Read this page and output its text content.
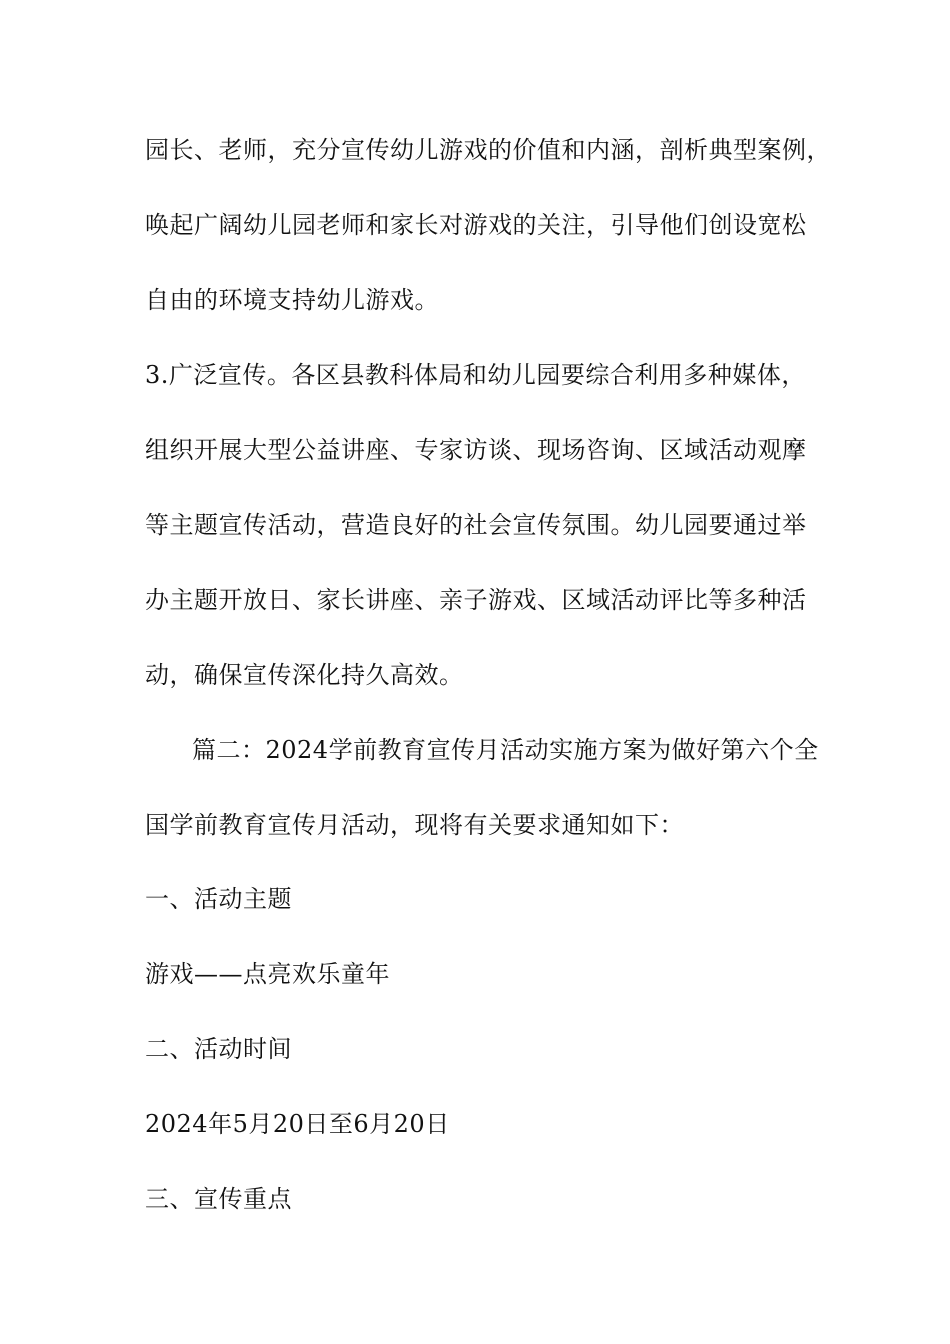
园长、老师，充分宣传幼儿游戏的价值和内涵，剖析典型案例，
唤起广阔幼儿园老师和家长对游戏的关注，引导他们创设宽松
自由的环境支持幼儿游戏。
3.广泛宣传。各区县教科体局和幼儿园要综合利用多种媒体，
组织开展大型公益讲座、专家访谈、现场咨询、区域活动观摩
等主题宣传活动，营造良好的社会宣传氛围。幼儿园要通过举
办主题开放日、家长讲座、亲子游戏、区域活动评比等多种活
动，确保宣传深化持久高效。
篇二：2024学前教育宣传月活动实施方案为做好第六个全
国学前教育宣传月活动，现将有关要求通知如下：
一、活动主题
游戏——点亮欢乐童年
二、活动时间
2024年5月20日至6月20日
三、宣传重点
